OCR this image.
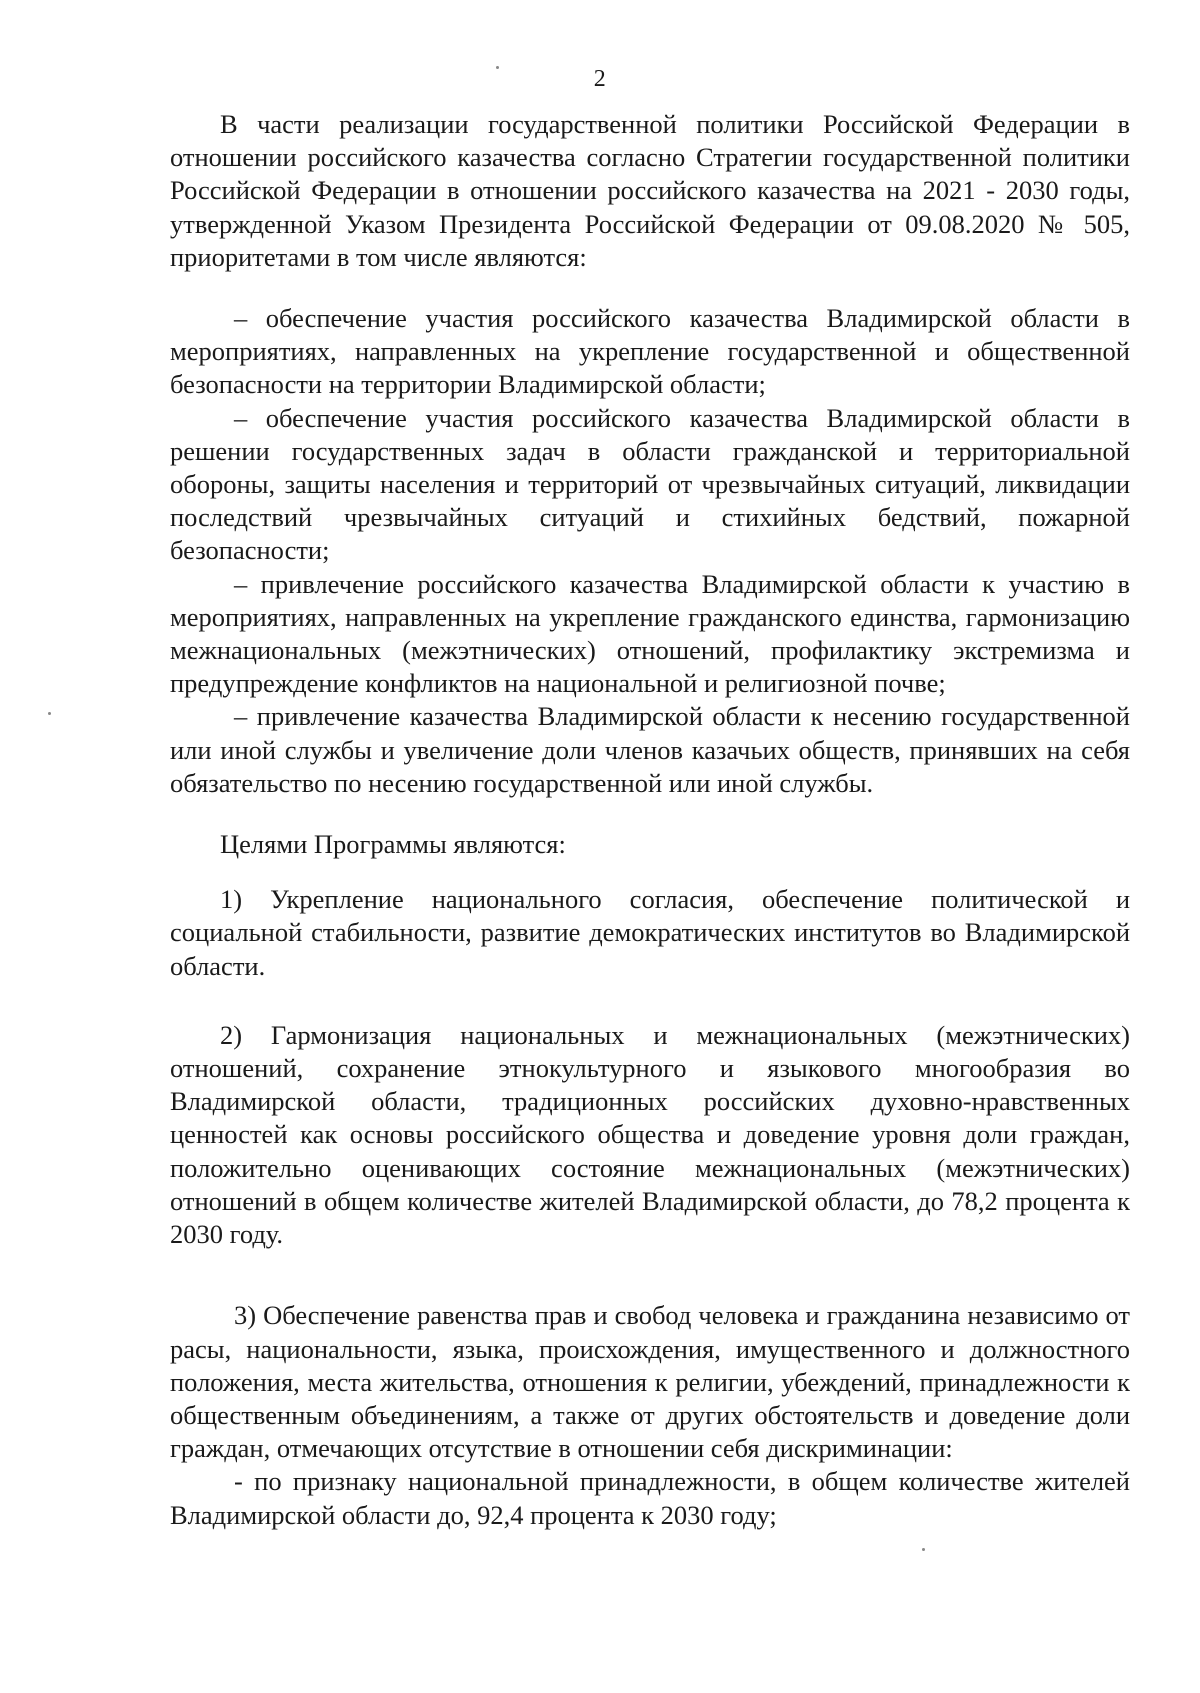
2

В части реализации государственной политики Российской Федерации в отношении российского казачества согласно Стратегии государственной политики Российской Федерации в отношении российского казачества на 2021 - 2030 годы, утвержденной Указом Президента Российской Федерации от 09.08.2020 № 505, приоритетами в том числе являются:

– обеспечение участия российского казачества Владимирской области в мероприятиях, направленных на укрепление государственной и общественной безопасности на территории Владимирской области;

– обеспечение участия российского казачества Владимирской области в решении государственных задач в области гражданской и территориальной обороны, защиты населения и территорий от чрезвычайных ситуаций, ликвидации последствий чрезвычайных ситуаций и стихийных бедствий, пожарной безопасности;

– привлечение российского казачества Владимирской области к участию в мероприятиях, направленных на укрепление гражданского единства, гармонизацию межнациональных (межэтнических) отношений, профилактику экстремизма и предупреждение конфликтов на национальной и религиозной почве;

– привлечение казачества Владимирской области к несению государственной или иной службы и увеличение доли членов казачьих обществ, принявших на себя обязательство по несению государственной или иной службы.

Целями Программы являются:

1) Укрепление национального согласия, обеспечение политической и социальной стабильности, развитие демократических институтов во Владимирской области.

2) Гармонизация национальных и межнациональных (межэтнических) отношений, сохранение этнокультурного и языкового многообразия во Владимирской области, традиционных российских духовно-нравственных ценностей как основы российского общества и доведение уровня доли граждан, положительно оценивающих состояние межнациональных (межэтнических) отношений в общем количестве жителей Владимирской области, до 78,2 процента к 2030 году.

3) Обеспечение равенства прав и свобод человека и гражданина независимо от расы, национальности, языка, происхождения, имущественного и должностного положения, места жительства, отношения к религии, убеждений, принадлежности к общественным объединениям, а также от других обстоятельств и доведение доли граждан, отмечающих отсутствие в отношении себя дискриминации:

- по признаку национальной принадлежности, в общем количестве жителей Владимирской области до, 92,4 процента к 2030 году;
